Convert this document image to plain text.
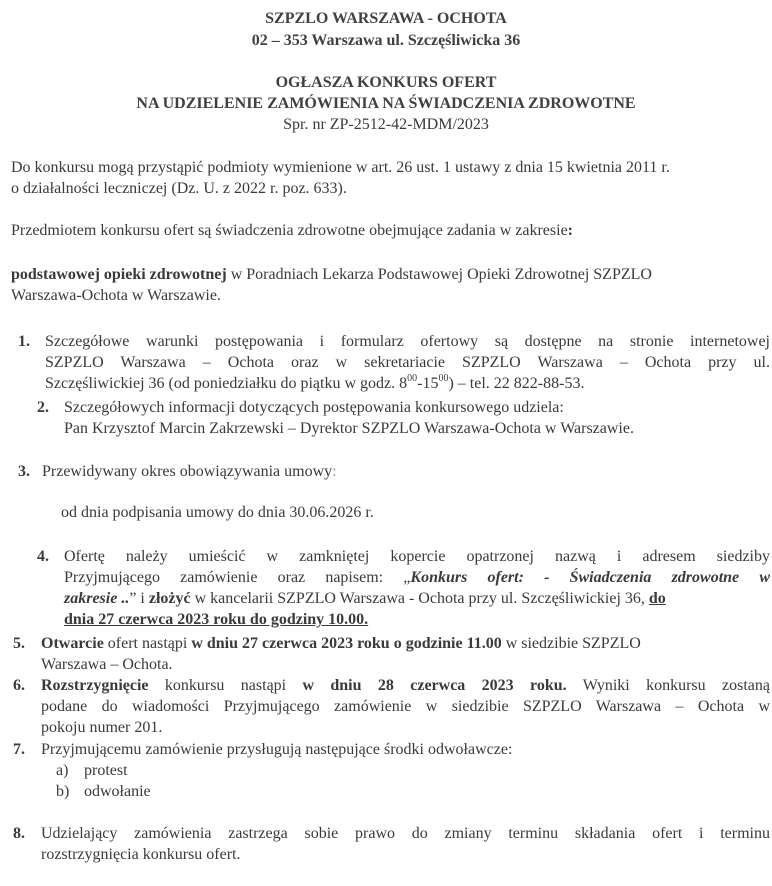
SZPZLO WARSZAWA - OCHOTA
02 – 353 Warszawa ul. Szczęśliwicka 36
OGŁASZA KONKURS OFERT
NA UDZIELENIE ZAMÓWIENIA NA ŚWIADCZENIA ZDROWOTNE
Spr. nr ZP-2512-42-MDM/2023
Do konkursu mogą przystąpić podmioty wymienione w art. 26 ust. 1 ustawy z dnia 15 kwietnia 2011 r.
o działalności leczniczej (Dz. U. z 2022 r. poz. 633).
Przedmiotem konkursu ofert są świadczenia zdrowotne obejmujące zadania w zakresie:
podstawowej opieki zdrowotnej w Poradniach Lekarza Podstawowej Opieki Zdrowotnej SZPZLO
Warszawa-Ochota w Warszawie.
1. Szczegółowe warunki postępowania i formularz ofertowy są dostępne na stronie internetowej
SZPZLO Warszawa – Ochota oraz w sekretariacie SZPZLO Warszawa – Ochota przy ul.
Szczęśliwickiej 36 (od poniedziałku do piątku w godz. $8^{00}-15^{00}$) – tel. 22 822-88-53.
2. Szczegółowych informacji dotyczących postępowania konkursowego udziela:
Pan Krzysztof Marcin Zakrzewski – Dyrektor SZPZLO Warszawa-Ochota w Warszawie.
3. Przewidywany okres obowiązywania umowy:
od dnia podpisania umowy do dnia 30.06.2026 r.
4. Ofertę należy umieścić w zamkniętej kopercie opatrzonej nazwą i adresem siedziby
Przyjmującego zamówienie oraz napisem: „Konkurs ofert: - Świadczenia zdrowotne w
zakresie ..” i złożyć w kancelarii SZPZLO Warszawa - Ochota przy ul. Szczęśliwickiej 36, do
dnia 27 czerwca 2023 roku do godziny 10.00.
5. Otwarcie ofert nastąpi w dniu 27 czerwca 2023 roku o godzinie 11.00 w siedzibie SZPZLO
Warszawa – Ochota.
6. Rozstrzygnięcie konkursu nastąpi w dniu 28 czerwca 2023 roku. Wyniki konkursu zostaną
podane do wiadomości Przyjmującego zamówienie w siedzibie SZPZLO Warszawa – Ochota w
pokoju numer 201.
7. Przyjmującemu zamówienie przysługują następujące środki odwoławcze:
a) protest
b) odwołanie
8. Udzielający zamówienia zastrzega sobie prawo do zmiany terminu składania ofert i terminu
rozstrzygnięcia konkursu ofert.
